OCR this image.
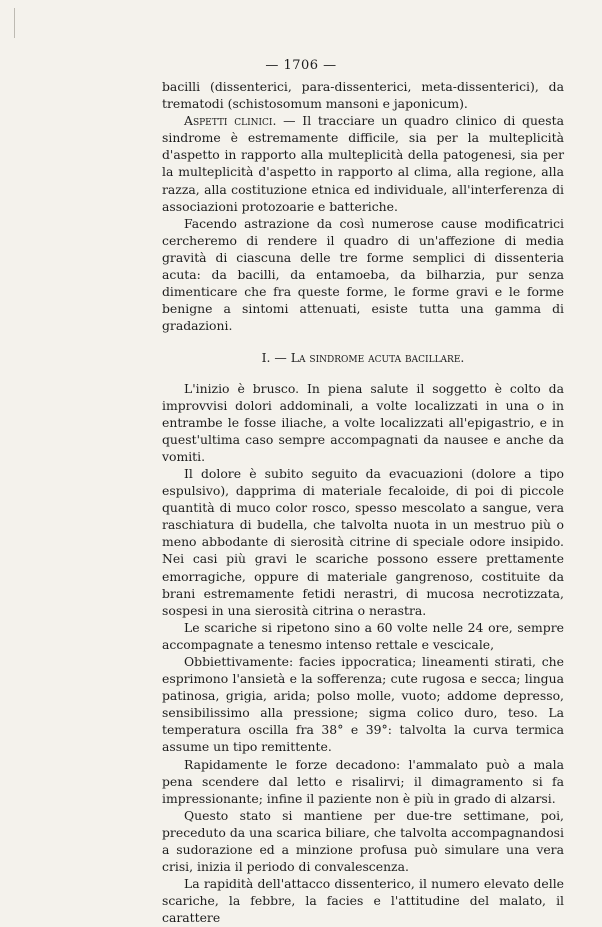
— 1706 —

bacilli (dissenterici, para-dissenterici, meta-dissenterici), da trematodi (schistosomum mansoni e japonicum).

Aspetti clinici. — Il tracciare un quadro clinico di questa sindrome è estremamente difficile, sia per la multeplicità d'aspetto in rapporto alla multeplicità della patogenesi, sia per la multeplicità d'aspetto in rapporto al clima, alla regione, alla razza, alla costituzione etnica ed individuale, all'interferenza di associazioni protozoarie e batteriche.

Facendo astrazione da così numerose cause modificatrici cercheremo di rendere il quadro di un'affezione di media gravità di ciascuna delle tre forme semplici di dissenteria acuta: da bacilli, da entamoeba, da bilharzia, pur senza dimenticare che fra queste forme, le forme gravi e le forme benigne a sintomi attenuati, esiste tutta una gamma di gradazioni.

I. — La sindrome acuta bacillare.

L'inizio è brusco. In piena salute il soggetto è colto da improvvisi dolori addominali, a volte localizzati in una o in entrambe le fosse iliache, a volte localizzati all'epigastrio, e in quest'ultima caso sempre accompagnati da nausee e anche da vomiti.

Il dolore è subito seguito da evacuazioni (dolore a tipo espulsivo), dapprima di materiale fecaloide, di poi di piccole quantità di muco color rosco, spesso mescolato a sangue, vera raschiatura di budella, che talvolta nuota in un mestruo più o meno abbodante di sierosità citrine di speciale odore insipido. Nei casi più gravi le scariche possono essere prettamente emorragiche, oppure di materiale gangrenoso, costituite da brani estremamente fetidi nerastri, di mucosa necrotizzata, sospesi in una sierosità citrina o nerastra.

Le scariche si ripetono sino a 60 volte nelle 24 ore, sempre accompagnate a tenesmo intenso rettale e vescicale,

Obbiettivamente: facies ippocratica; lineamenti stirati, che esprimono l'ansietà e la sofferenza; cute rugosa e secca; lingua patinosa, grigia, arida; polso molle, vuoto; addome depresso, sensibilissimo alla pressione; sigma colico duro, teso. La temperatura oscilla fra 38° e 39°: talvolta la curva termica assume un tipo remittente.

Rapidamente le forze decadono: l'ammalato può a mala pena scendere dal letto e risalirvi; il dimagramento si fa impressionante; infine il paziente non è più in grado di alzarsi.

Questo stato si mantiene per due-tre settimane, poi, preceduto da una scarica biliare, che talvolta accompagnandosi a sudorazione ed a minzione profusa può simulare una vera crisi, inizia il periodo di convalescenza.

La rapidità dell'attacco dissenterico, il numero elevato delle scariche, la febbre, la facies e l'attitudine del malato, il carattere
